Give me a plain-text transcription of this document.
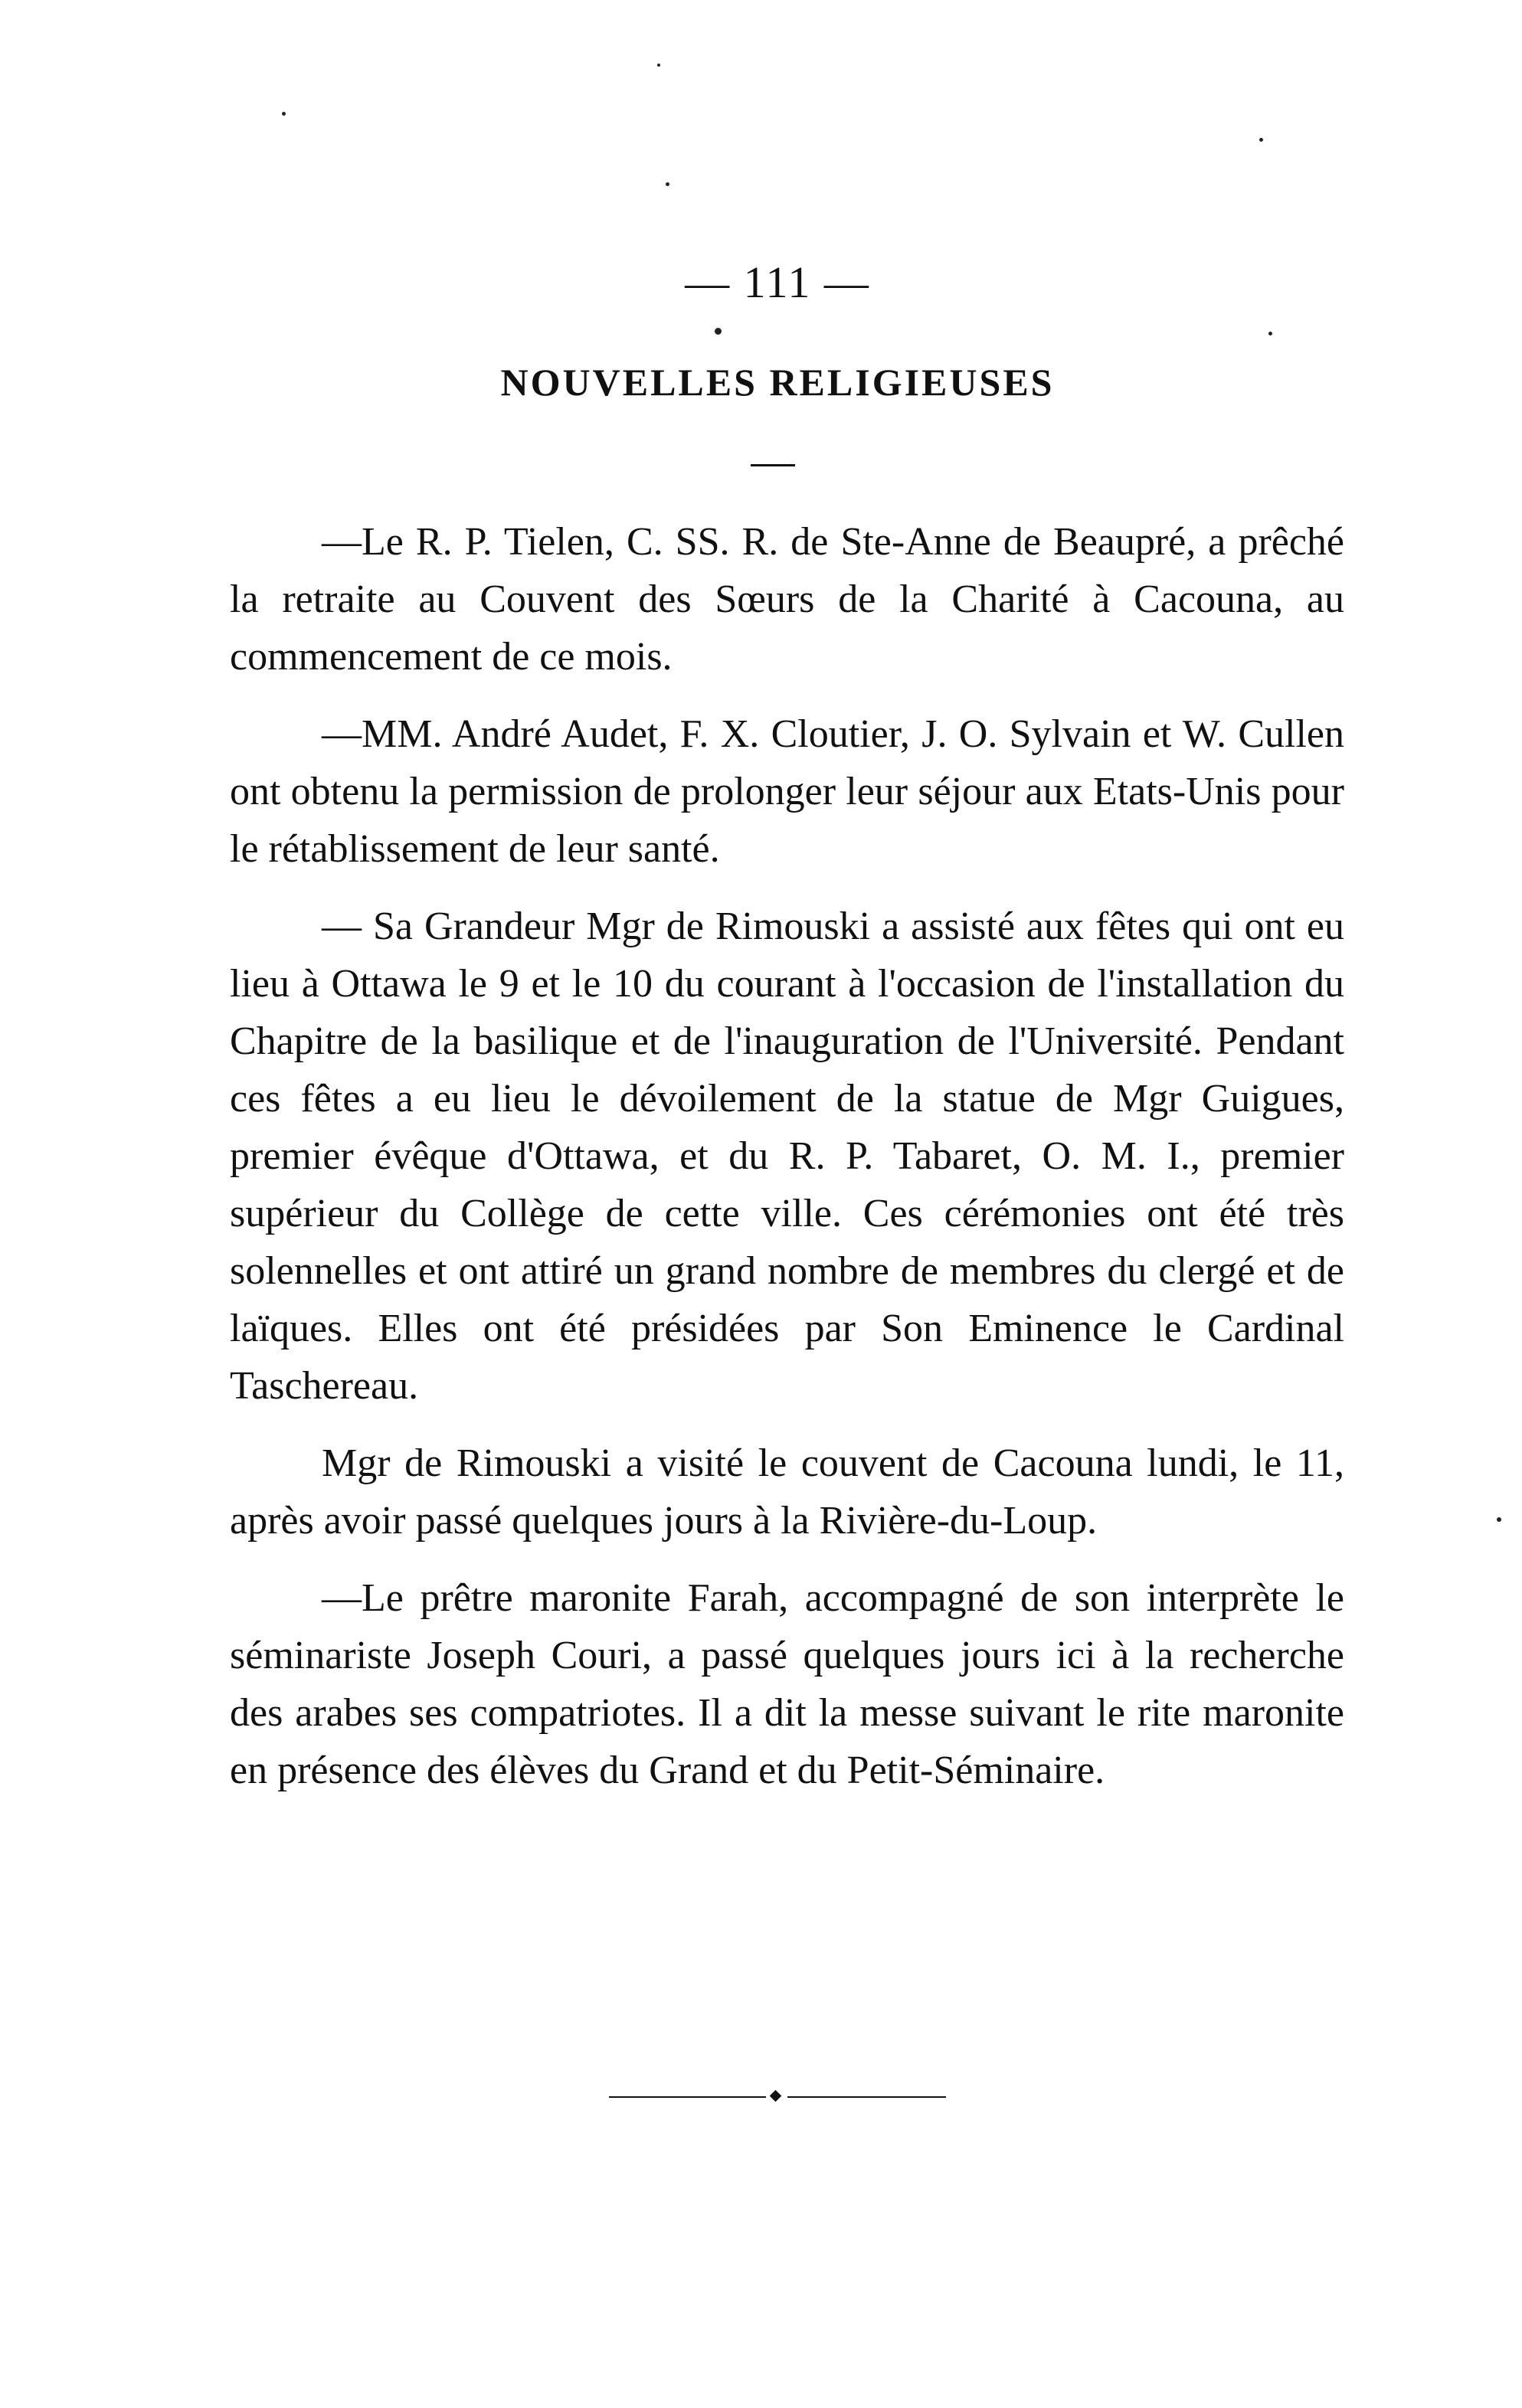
— 111 —
NOUVELLES RELIGIEUSES

—Le R. P. Tielen, C. SS. R. de Ste-Anne de Beaupré, a prêché la retraite au Couvent des Sœurs de la Charité à Cacouna, au commencement de ce mois.

—MM. André Audet, F. X. Cloutier, J. O. Sylvain et W. Cullen ont obtenu la permission de prolonger leur séjour aux Etats-Unis pour le rétablissement de leur santé.

— Sa Grandeur Mgr de Rimouski a assisté aux fêtes qui ont eu lieu à Ottawa le 9 et le 10 du courant à l'occasion de l'installation du Chapitre de la basilique et de l'inauguration de l'Université. Pendant ces fêtes a eu lieu le dévoilement de la statue de Mgr Guigues, premier évêque d'Ottawa, et du R. P. Tabaret, O. M. I., premier supérieur du Collège de cette ville. Ces cérémonies ont été très solennelles et ont attiré un grand nombre de membres du clergé et de laïques. Elles ont été présidées par Son Eminence le Cardinal Taschereau.

Mgr de Rimouski a visité le couvent de Cacouna lundi, le 11, après avoir passé quelques jours à la Rivière-du-Loup.

—Le prêtre maronite Farah, accompagné de son interprète le séminariste Joseph Couri, a passé quelques jours ici à la recherche des arabes ses compatriotes. Il a dit la messe suivant le rite maronite en présence des élèves du Grand et du Petit-Séminaire.
